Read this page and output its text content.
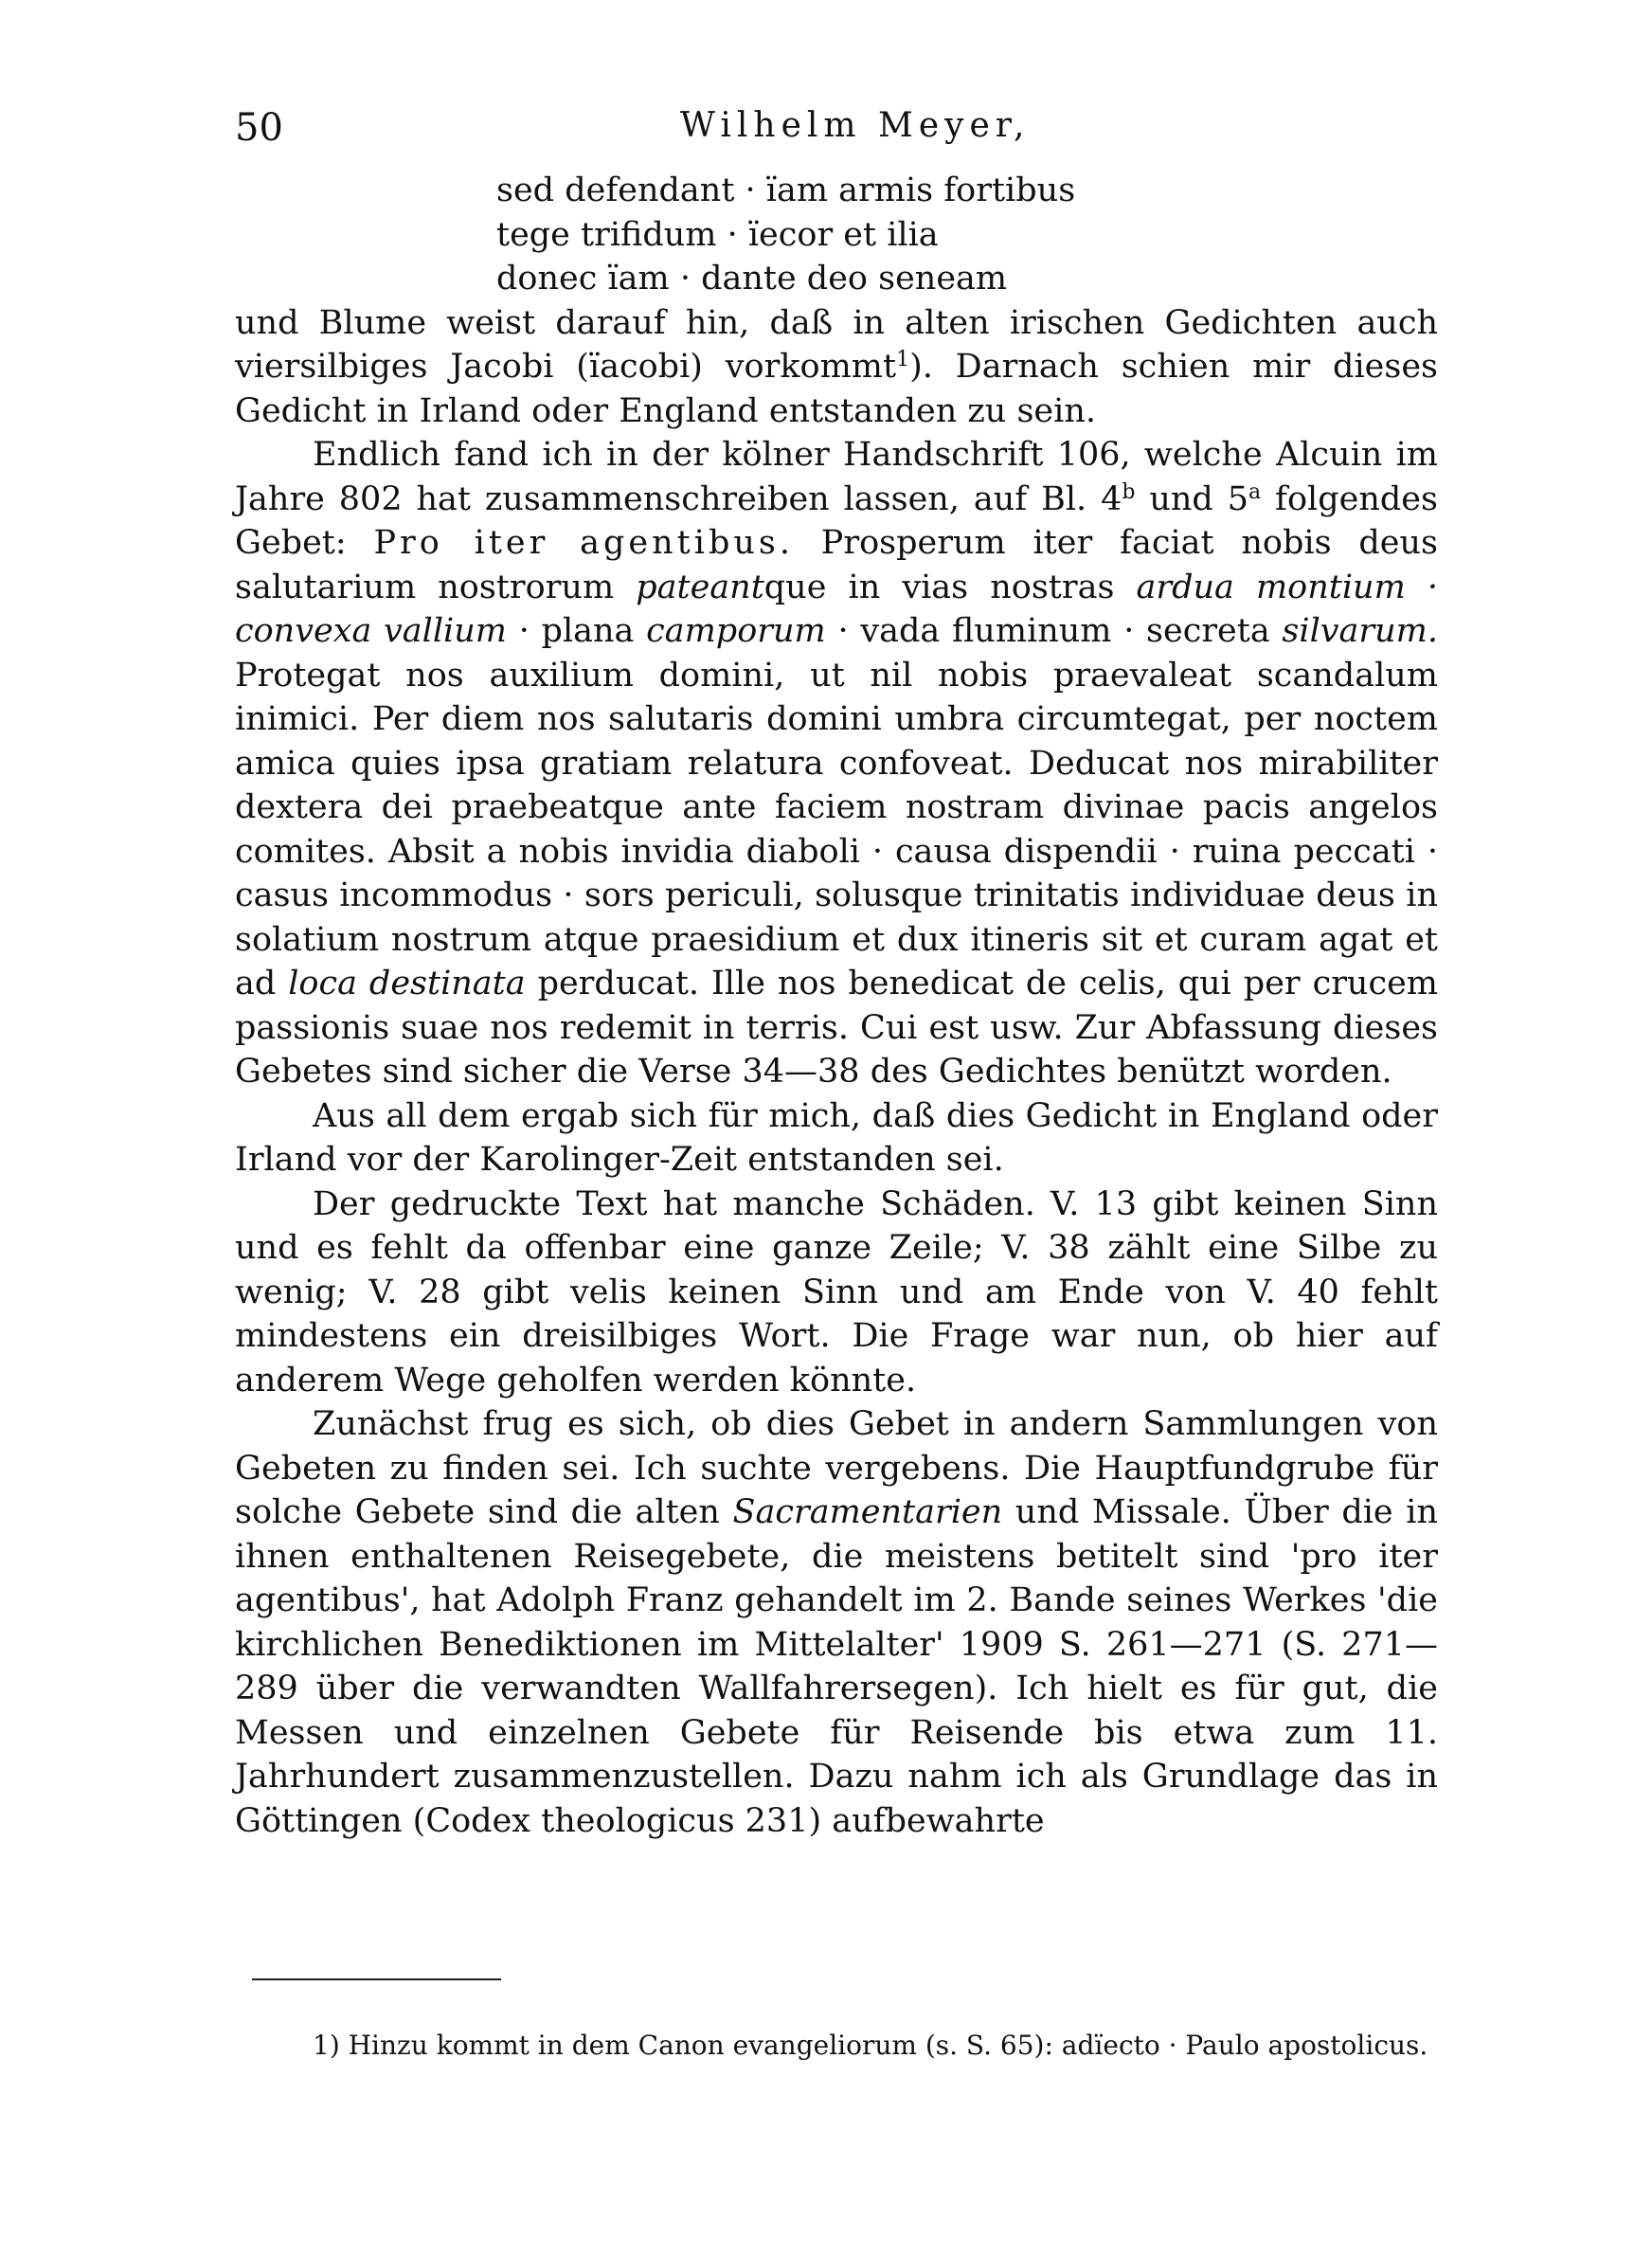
50	Wilhelm Meyer,

sed defendant · ïam armis fortibus

tege trifidum · ïecor et ilia

donec ïam · dante deo seneam

und Blume weist darauf hin, daß in alten irischen Gedichten auch viersilbiges Jacobi (ïacobi) vorkommt$^1$). Darnach schien mir dieses Gedicht in Irland oder England entstanden zu sein.

Endlich fand ich in der kölner Handschrift 106, welche Alcuin im Jahre 802 hat zusammenschreiben lassen, auf Bl. 4$^b$ und 5$^a$ folgendes Gebet: Pro iter agentibus. Prosperum iter faciat nobis deus salutarium nostrorum pateantque in vias nostras ardua montium · convexa vallium · plana camporum · vada fluminum · secreta silvarum. Protegat nos auxilium domini, ut nil nobis praevaleat scandalum inimici. Per diem nos salutaris domini umbra circumtegat, per noctem amica quies ipsa gratiam relatura confoveat. Deducat nos mirabiliter dextera dei praebeatque ante faciem nostram divinae pacis angelos comites. Absit a nobis invidia diaboli · causa dispendii · ruina peccati · casus incommodus · sors periculi, solusque trinitatis individuae deus in solatium nostrum atque praesidium et dux itineris sit et curam agat et ad loca destinata perducat. Ille nos benedicat de celis, qui per crucem passionis suae nos redemit in terris. Cui est usw. Zur Abfassung dieses Gebetes sind sicher die Verse 34—38 des Gedichtes benützt worden.

Aus all dem ergab sich für mich, daß dies Gedicht in England oder Irland vor der Karolinger-Zeit entstanden sei.

Der gedruckte Text hat manche Schäden. V. 13 gibt keinen Sinn und es fehlt da offenbar eine ganze Zeile; V. 38 zählt eine Silbe zu wenig; V. 28 gibt velis keinen Sinn und am Ende von V. 40 fehlt mindestens ein dreisilbiges Wort. Die Frage war nun, ob hier auf anderem Wege geholfen werden könnte.

Zunächst frug es sich, ob dies Gebet in andern Sammlungen von Gebeten zu finden sei. Ich suchte vergebens. Die Hauptfundgrube für solche Gebete sind die alten Sacramentarien und Missale. Über die in ihnen enthaltenen Reisegebete, die meistens betitelt sind 'pro iter agentibus', hat Adolph Franz gehandelt im 2. Bande seines Werkes 'die kirchlichen Benediktionen im Mittelalter' 1909 S. 261—271 (S. 271—289 über die verwandten Wallfahrersegen). Ich hielt es für gut, die Messen und einzelnen Gebete für Reisende bis etwa zum 11. Jahrhundert zusammenzustellen. Dazu nahm ich als Grundlage das in Göttingen (Codex theologicus 231) aufbewahrte

1) Hinzu kommt in dem Canon evangeliorum (s. S. 65): adïecto · Paulo apostolicus.
